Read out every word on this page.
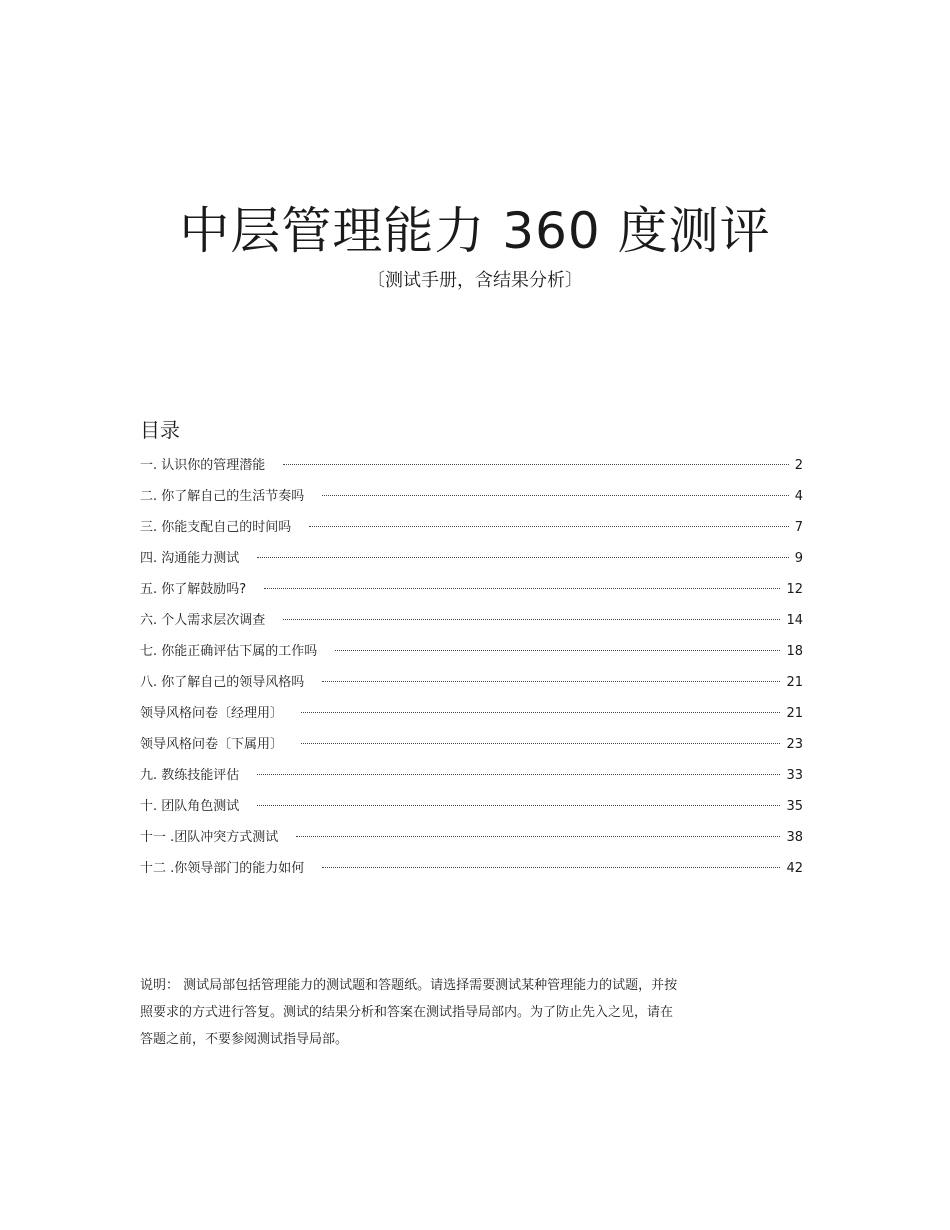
中层管理能力 360 度测评
〔测试手册，含结果分析〕
目录
一. 认识你的管理潜能	2
二. 你了解自己的生活节奏吗	4
三. 你能支配自己的时间吗	7
四. 沟通能力测试	9
五. 你了解鼓励吗?	12
六. 个人需求层次调查	14
七. 你能正确评估下属的工作吗	18
八. 你了解自己的领导风格吗	21
领导风格问卷〔经理用〕	21
领导风格问卷〔下属用〕	23
九. 教练技能评估	33
十. 团队角色测试	35
十一 .团队冲突方式测试	38
十二 .你领导部门的能力如何	42
说明： 测试局部包括管理能力的测试题和答题纸。请选择需要测试某种管理能力的试题，并按
照要求的方式进行答复。测试的结果分析和答案在测试指导局部内。为了防止先入之见，请在
答题之前，不要参阅测试指导局部。
